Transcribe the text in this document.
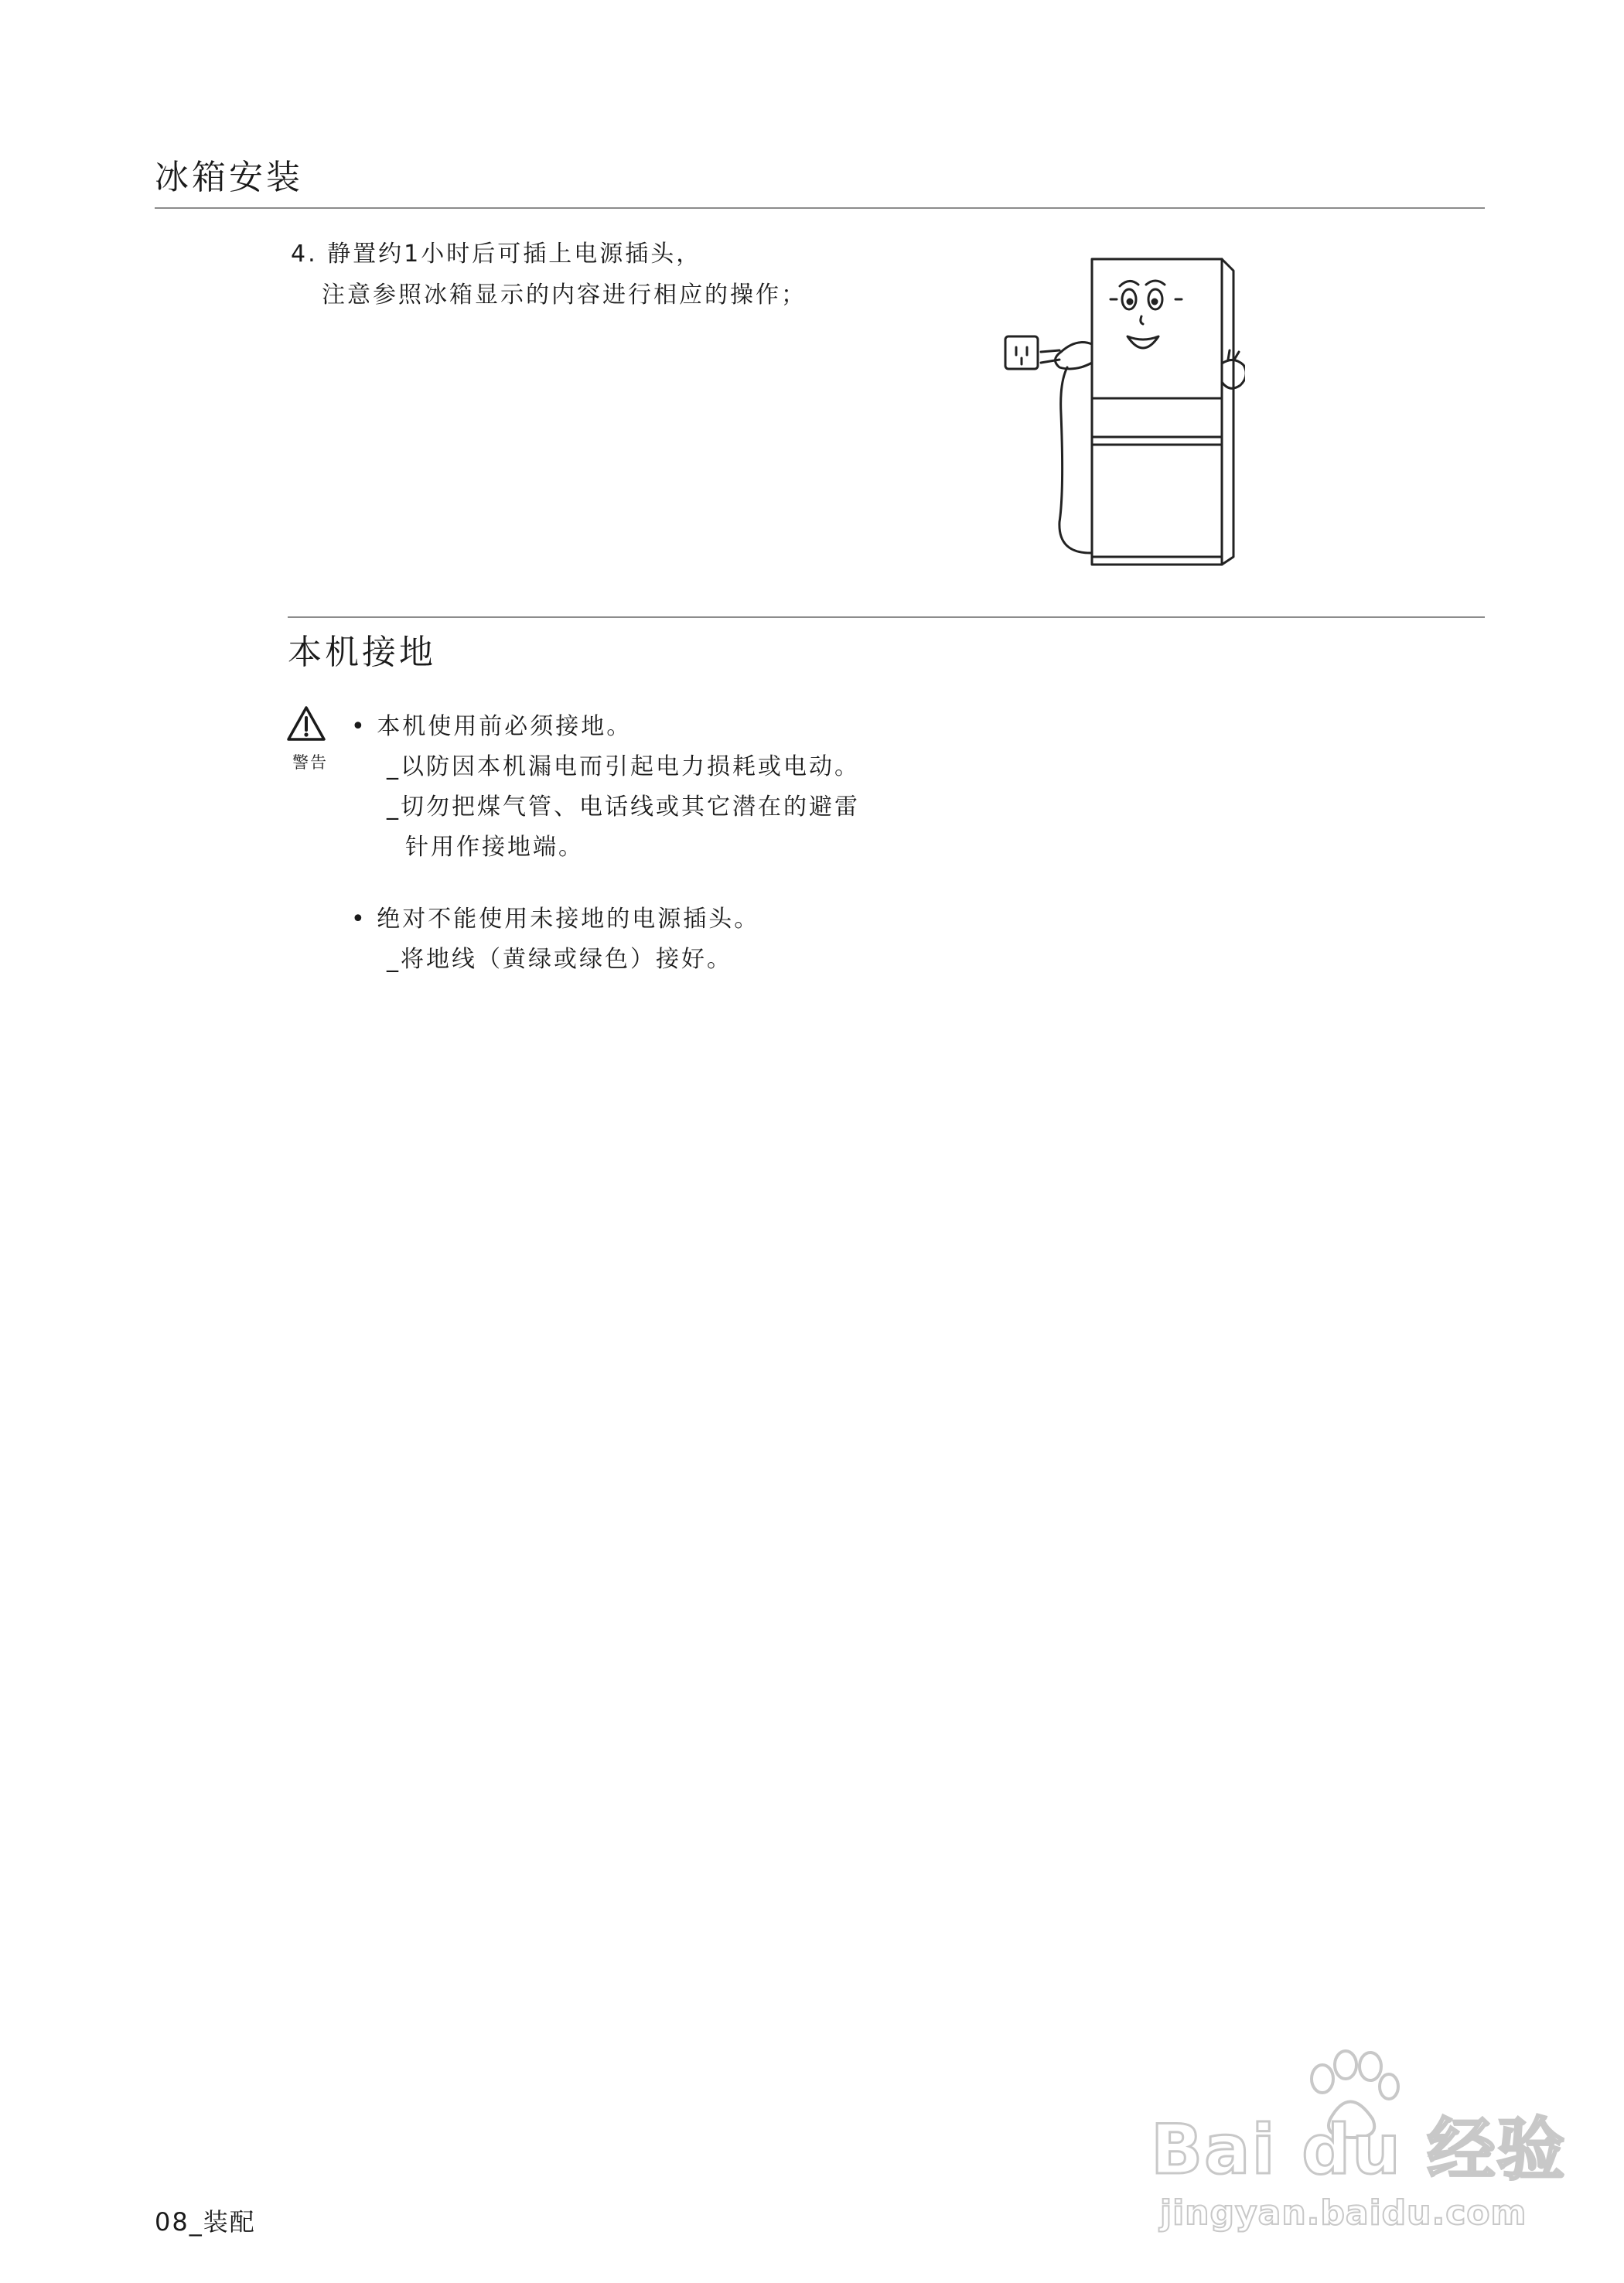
冰箱安装
4. 静置约1小时后可插上电源插头，
注意参照冰箱显示的内容进行相应的操作；
本机接地
警告
• 本机使用前必须接地。
_以防因本机漏电而引起电力损耗或电动。
_切勿把煤气管、电话线或其它潜在的避雷
针用作接地端。
• 绝对不能使用未接地的电源插头。
_将地线（黄绿或绿色）接好。
Bai du 经验
jingyan.baidu.com
08_装配
